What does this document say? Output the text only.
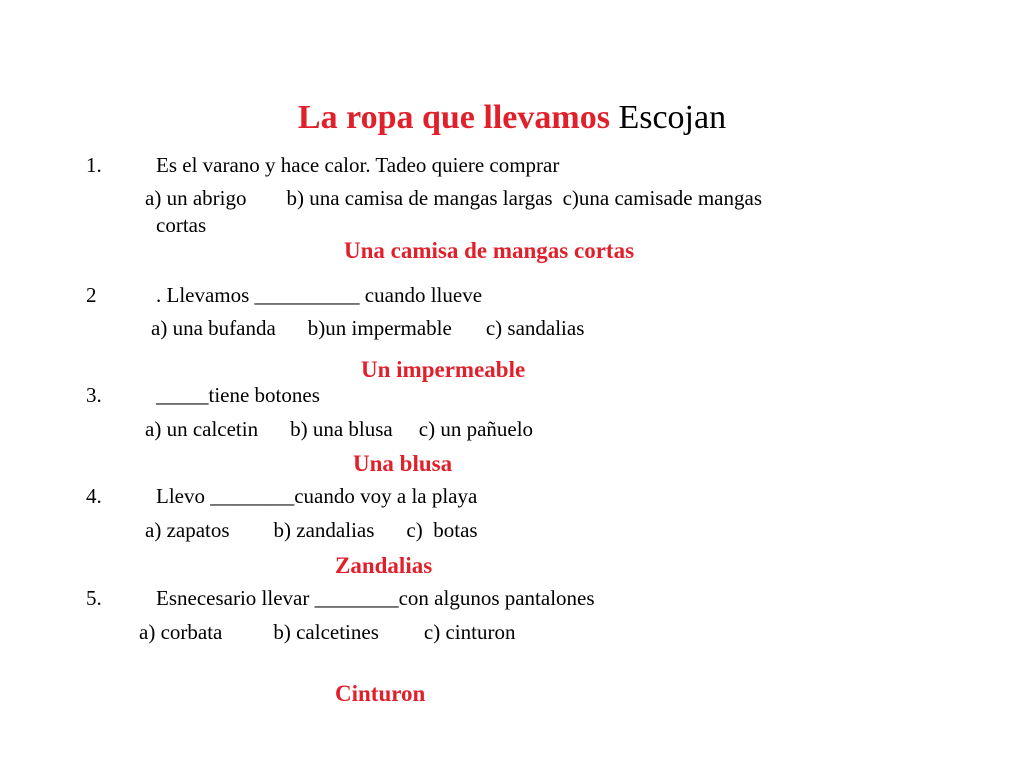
La ropa que llevamos Escojan
1.	Es el varano y hace calor. Tadeo quiere comprar
a) un abrigo b) una camisa de mangas largas c)una camisade mangas
cortas
Una camisa de mangas cortas
2	. Llevamos __________ cuando llueve
a) una bufanda b)un impermable c) sandalias
Un impermeable
3.	_____tiene botones
a) un calcetin b) una blusa c) un pañuelo
Una blusa
4.	Llevo ________cuando voy a la playa
a) zapatos b) zandalias c)  botas
Zandalias
5.	Esnecesario llevar ________con algunos pantalones
a) corbata b) calcetines c) cinturon
Cinturon
